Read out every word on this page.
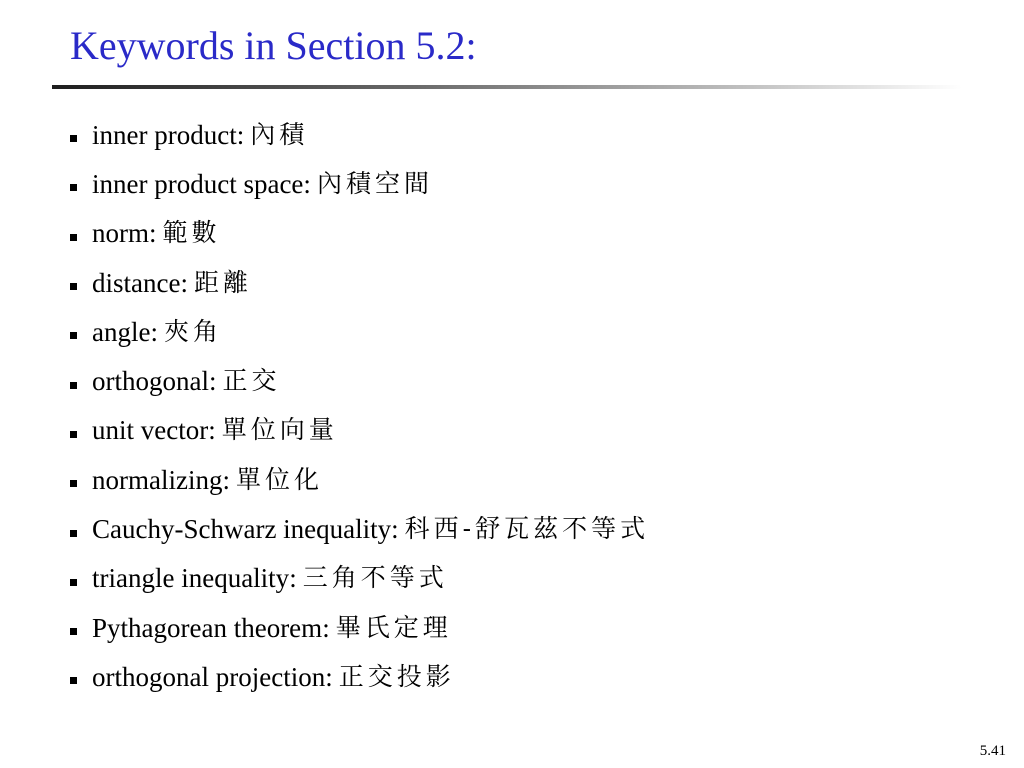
Keywords in Section 5.2:
inner product : 內積
inner product space : 內積空間
norm : 範數
distance : 距離
angle : 夾角
orthogonal : 正交
unit vector : 單位向量
normalizing : 單位化
Cauchy-Schwarz inequality : 科西-舒瓦茲不等式
triangle inequality : 三角不等式
Pythagorean theorem : 畢氏定理
orthogonal projection : 正交投影
5.41
